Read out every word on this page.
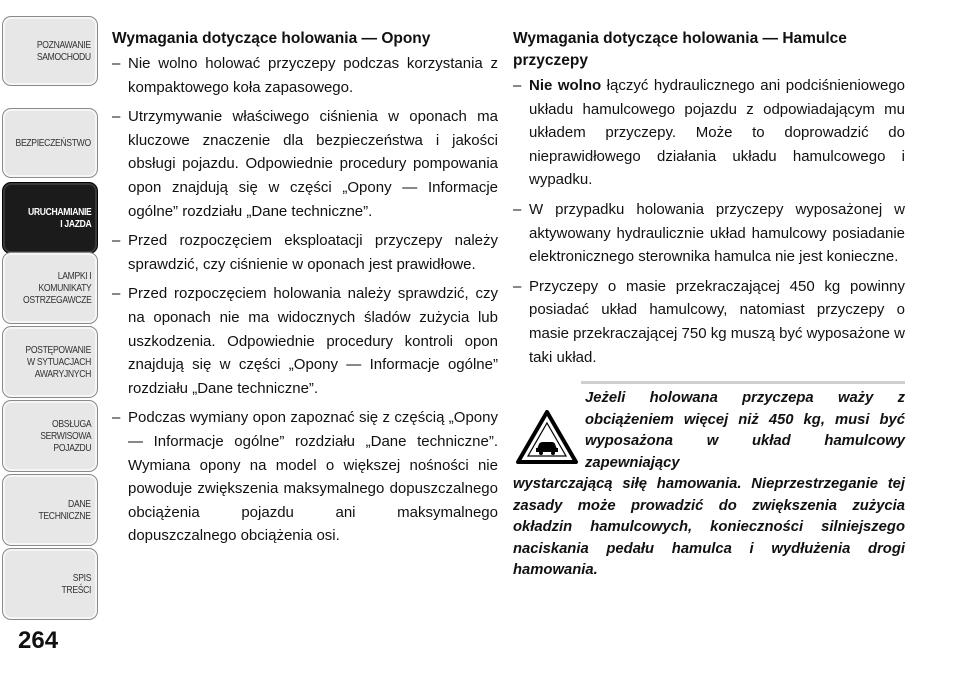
POZNAWANIE
SAMOCHODU
BEZPIECZEŃSTWO
URUCHAMIANIE
I JAZDA
LAMPKI I
KOMUNIKATY
OSTRZEGAWCZE
POSTĘPOWANIE
W SYTUACJACH
AWARYJNYCH
OBSŁUGA
SERWISOWA
POJAZDU
DANE
TECHNICZNE
SPIS
TREŚCI
264
Wymagania dotyczące holowania — Opony
– Nie wolno holować przyczepy podczas korzystania z kompaktowego koła zapasowego.
– Utrzymywanie właściwego ciśnienia w oponach ma kluczowe znaczenie dla bezpieczeństwa i jakości obsługi pojazdu. Odpowiednie procedury pompowania opon znajdują się w części „Opony — Informacje ogólne” rozdziału „Dane techniczne”.
– Przed rozpoczęciem eksploatacji przyczepy należy sprawdzić, czy ciśnienie w oponach jest prawidłowe.
– Przed rozpoczęciem holowania należy sprawdzić, czy na oponach nie ma widocznych śladów zużycia lub uszkodzenia. Odpowiednie procedury kontroli opon znajdują się w części „Opony — Informacje ogólne” rozdziału „Dane techniczne”.
– Podczas wymiany opon zapoznać się z częścią „Opony — Informacje ogólne” rozdziału „Dane techniczne”. Wymiana opony na model o większej nośności nie powoduje zwiększenia maksymalnego dopuszczalnego obciążenia pojazdu ani maksymalnego dopuszczalnego obciążenia osi.
Wymagania dotyczące holowania — Hamulce przyczepy
– Nie wolno łączyć hydraulicznego ani podciśnieniowego układu hamulcowego pojazdu z odpowiadającym mu układem przyczepy. Może to doprowadzić do nieprawidłowego działania układu hamulcowego i wypadku.
– W przypadku holowania przyczepy wyposażonej w aktywowany hydraulicznie układ hamulcowy posiadanie elektronicznego sterownika hamulca nie jest konieczne.
– Przyczepy o masie przekraczającej 450 kg powinny posiadać układ hamulcowy, natomiast przyczepy o masie przekraczającej 750 kg muszą być wyposażone w taki układ.
Jeżeli holowana przyczepa waży z obciążeniem więcej niż 450 kg, musi być wyposażona w układ hamulcowy zapewniający
wystarczającą siłę hamowania. Nieprzestrzeganie tej zasady może prowadzić do zwiększenia zużycia okładzin hamulcowych, konieczności silniejszego naciskania pedału hamulca i wydłużenia drogi hamowania.
